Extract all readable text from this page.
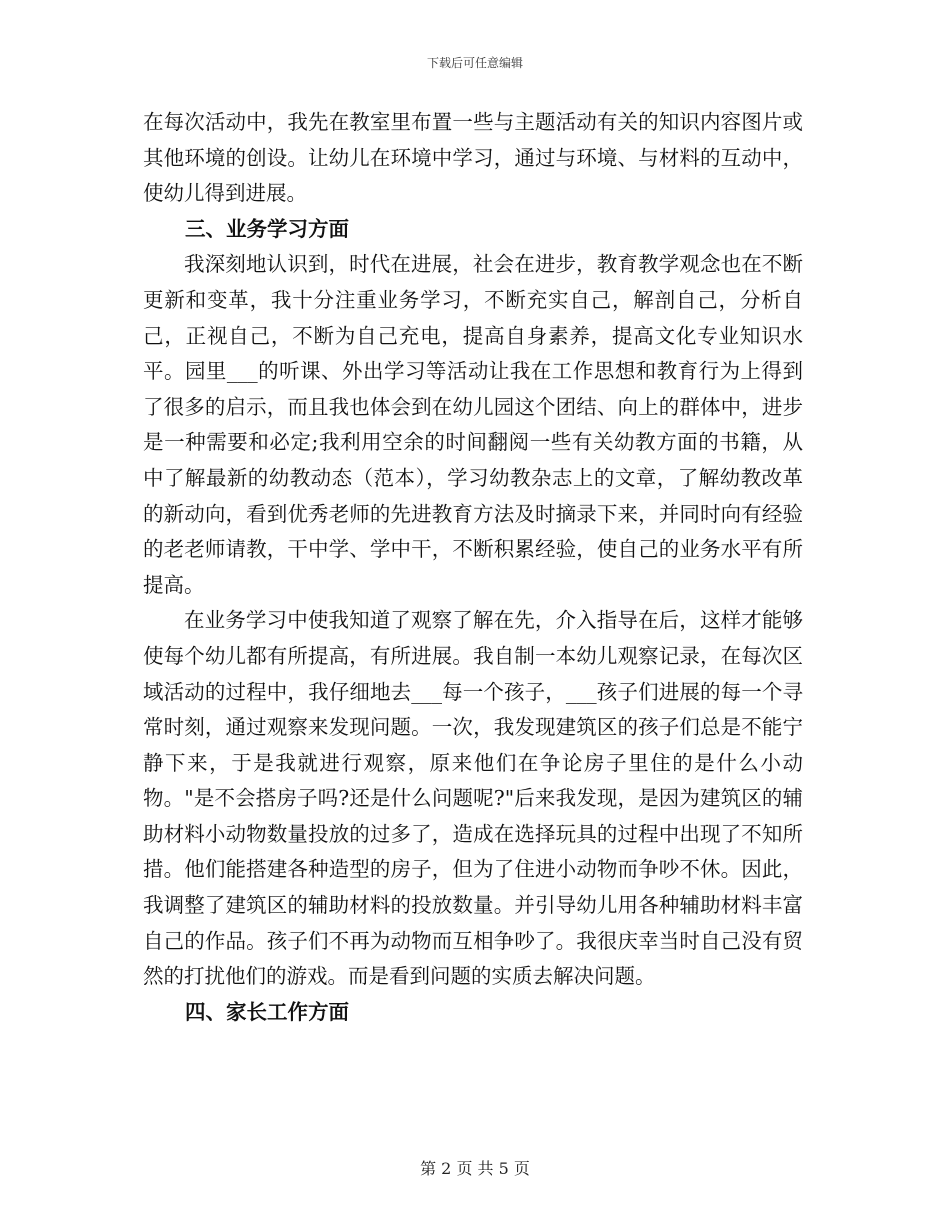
下载后可任意编辑

在每次活动中，我先在教室里布置一些与主题活动有关的知识内容图片或其他环境的创设。让幼儿在环境中学习，通过与环境、与材料的互动中，使幼儿得到进展。

三、业务学习方面

我深刻地认识到，时代在进展，社会在进步，教育教学观念也在不断更新和变革，我十分注重业务学习，不断充实自己，解剖自己，分析自己，正视自己，不断为自己充电，提高自身素养，提高文化专业知识水平。园里___的听课、外出学习等活动让我在工作思想和教育行为上得到了很多的启示，而且我也体会到在幼儿园这个团结、向上的群体中，进步是一种需要和必定;我利用空余的时间翻阅一些有关幼教方面的书籍，从中了解最新的幼教动态（范本），学习幼教杂志上的文章，了解幼教改革的新动向，看到优秀老师的先进教育方法及时摘录下来，并同时向有经验的老老师请教，干中学、学中干，不断积累经验，使自己的业务水平有所提高。

在业务学习中使我知道了观察了解在先，介入指导在后，这样才能够使每个幼儿都有所提高，有所进展。我自制一本幼儿观察记录，在每次区域活动的过程中，我仔细地去___每一个孩子，___孩子们进展的每一个寻常时刻，通过观察来发现问题。一次，我发现建筑区的孩子们总是不能宁静下来，于是我就进行观察，原来他们在争论房子里住的是什么小动物。"是不会搭房子吗?还是什么问题呢?"后来我发现，是因为建筑区的辅助材料小动物数量投放的过多了，造成在选择玩具的过程中出现了不知所措。他们能搭建各种造型的房子，但为了住进小动物而争吵不休。因此，我调整了建筑区的辅助材料的投放数量。并引导幼儿用各种辅助材料丰富自己的作品。孩子们不再为动物而互相争吵了。我很庆幸当时自己没有贸然的打扰他们的游戏。而是看到问题的实质去解决问题。

四、家长工作方面

第 2 页 共 5 页
